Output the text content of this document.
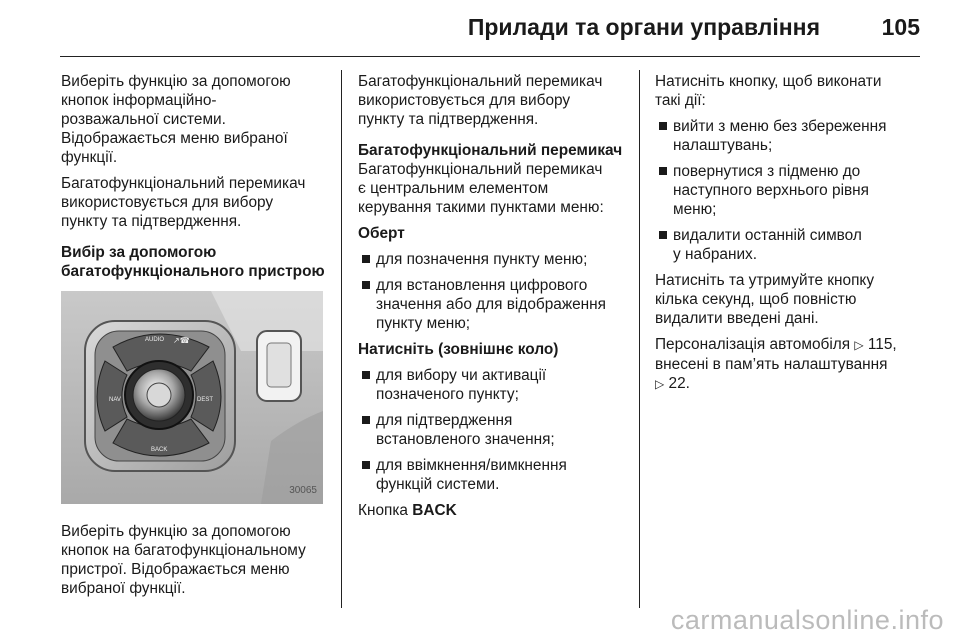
Прилади та органи управління	105
Виберіть функцію за допомогою
кнопок інформаційно-
розважальної системи.
Відображається меню вибраної
функції.
Багатофункціональний перемикач
використовується для вибору
пункту та підтвердження.
Вибір за допомогою
багатофункціонального пристрою
AUDIO ↗☎
NAV	DEST
BACK
30065
Виберіть функцію за допомогою
кнопок на багатофункціональному
пристрої. Відображається меню
вибраної функції.
Багатофункціональний перемикач
використовується для вибору
пункту та підтвердження.
Багатофункціональний перемикач
Багатофункціональний перемикач
є центральним елементом
керування такими пунктами меню:
Оберт
для позначення пункту меню;
для встановлення цифрового
значення або для відображення
пункту меню;
Натисніть (зовнішнє коло)
для вибору чи активації
позначеного пункту;
для підтвердження
встановленого значення;
для ввімкнення/вимкнення
функцій системи.
Кнопка BACK
Натисніть кнопку, щоб виконати
такі дії:
вийти з меню без збереження
налаштувань;
повернутися з підменю до
наступного верхнього рівня
меню;
видалити останній символ
у набраних.
Натисніть та утримуйте кнопку
кілька секунд, щоб повністю
видалити введені дані.
Персоналізація автомобіля ▷ 115,
внесені в пам’ять налаштування
▷ 22.
carmanualsonline.info
